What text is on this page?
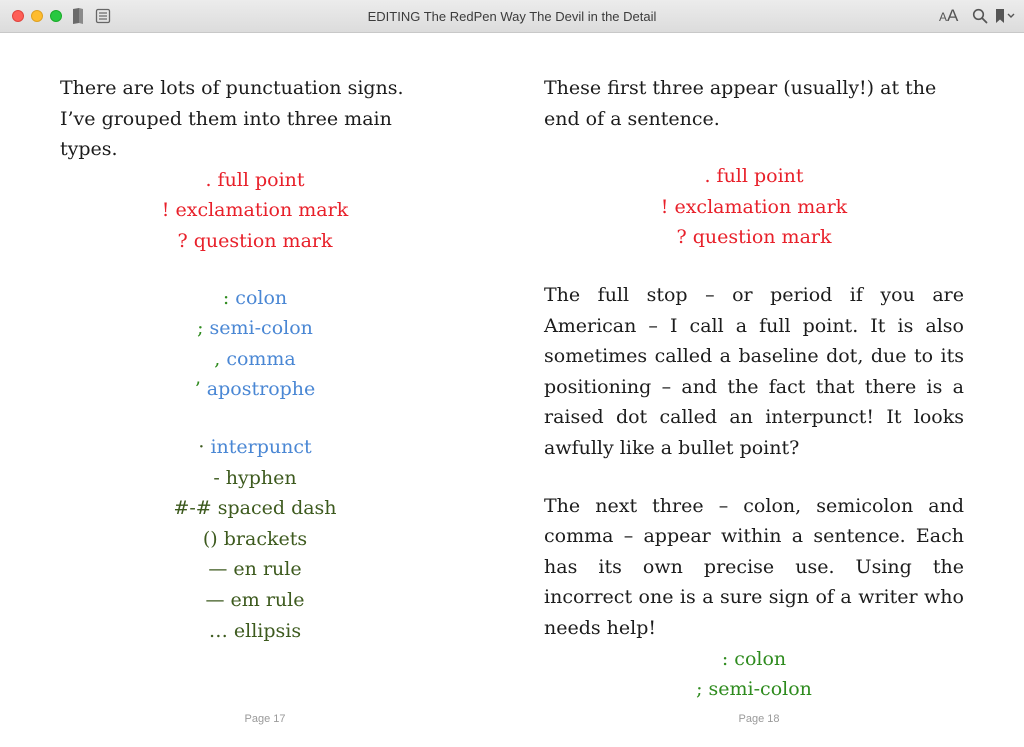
EDITING The RedPen Way The Devil in the Detail	AA

There are lots of punctuation signs.

I’ve grouped them into three main types.

. full point
! exclamation mark
? question mark
: colon
; semi-colon
, comma
’ apostrophe
· interpunct
- hyphen
#-# spaced dash
() brackets
— en rule
— em rule
… ellipsis
Page 17

These first three appear (usually!) at the end of a sentence.

. full point
! exclamation mark
? question mark

The full stop – or period if you are American – I call a full point. It is also sometimes called a baseline dot, due to its positioning – and the fact that there is a raised dot called an interpunct! It looks awfully like a bullet point?

The next three – colon, semicolon and comma – appear within a sentence. Each has its own precise use. Using the incorrect one is a sure sign of a writer who needs help!

: colon
; semi-colon
Page 18
